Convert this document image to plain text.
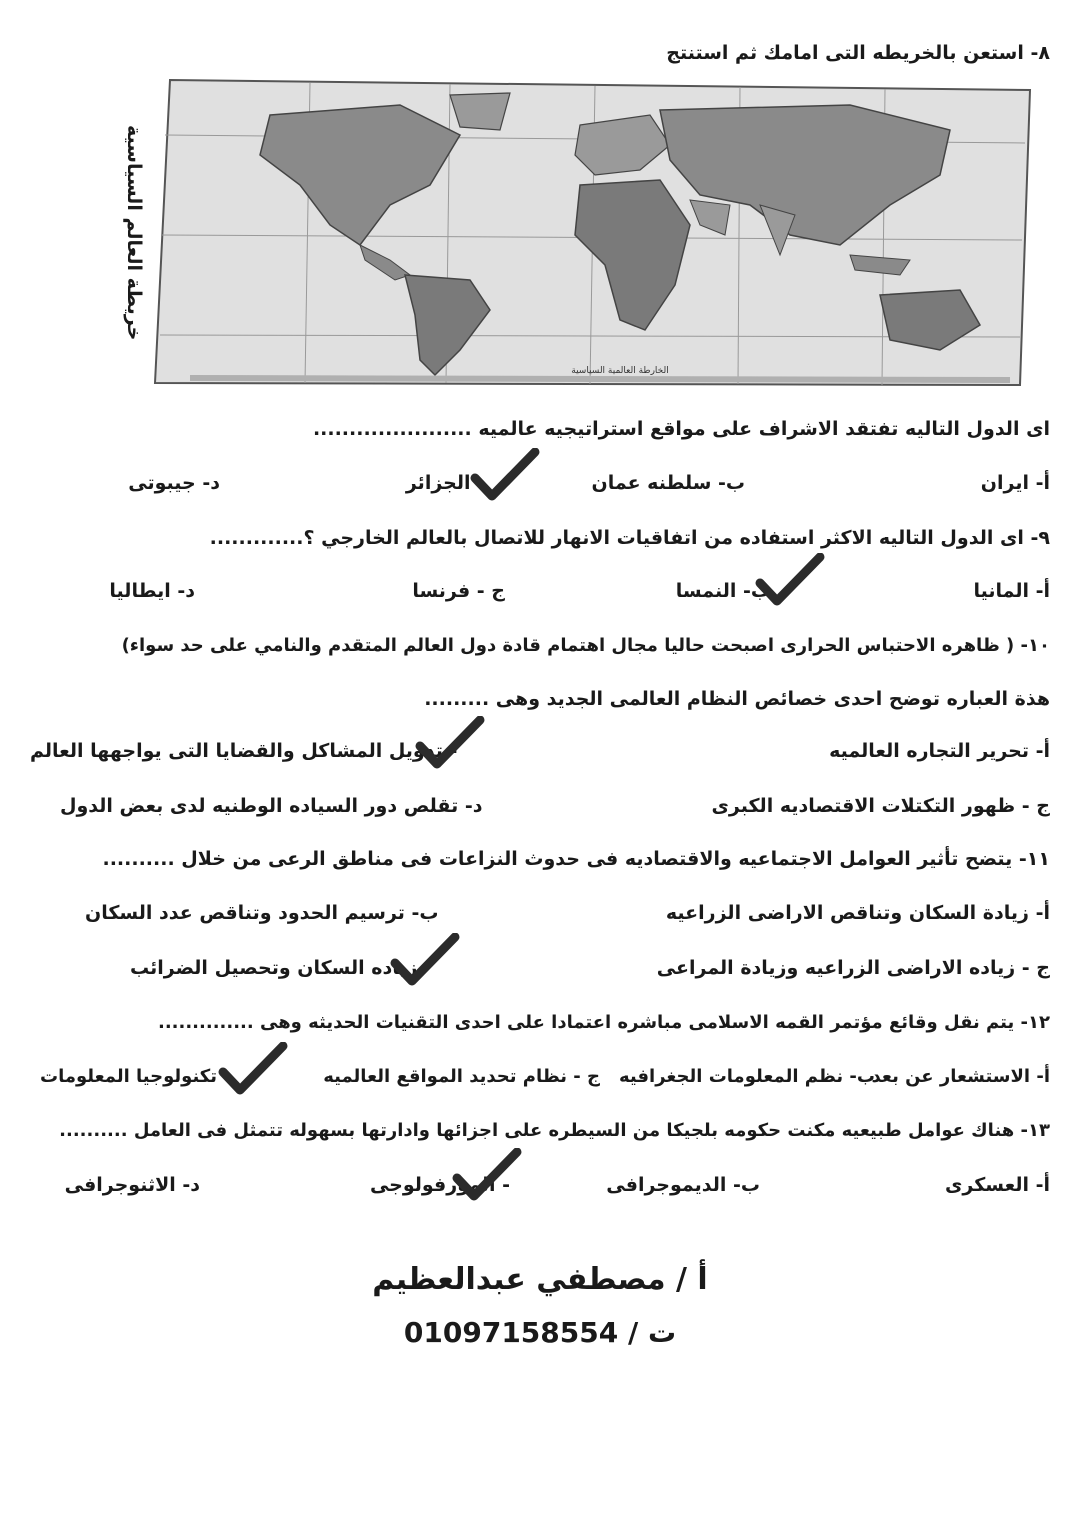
٨- استعن بالخريطه التى امامك ثم استنتج
خريطة العالم السياسية
الخارطة العالمية السياسية
اى الدول التاليه تفتقد الاشراف على مواقع استراتيجيه عالميه ......................
أ- ايران
ب- سلطنه عمان
- الجزائر
د- جيبوتى
٩- اى الدول التاليه الاكثر استفاده من اتفاقيات الانهار للاتصال بالعالم الخارجي ؟.............
أ- المانيا
ب- النمسا
ج - فرنسا
د- ايطاليا
١٠- ( ظاهره الاحتباس الحرارى اصبحت حاليا مجال اهتمام قادة دول العالم المتقدم والنامي على حد سواء)
هذة العباره توضح احدى خصائص النظام العالمى الجديد وهى .........
أ- تحرير التجاره العالميه
- تدويل المشاكل والقضايا التى يواجهها العالم
ج - ظهور التكتلات الاقتصاديه الكبرى
د- تقلص دور السياده الوطنيه لدى بعض الدول
١١- يتضح تأثير العوامل الاجتماعيه والاقتصاديه فى حدوث النزاعات فى مناطق الرعى من خلال ..........
أ- زيادة السكان وتناقص الاراضى الزراعيه
ب- ترسيم الحدود وتناقص عدد السكان
ج - زياده الاراضى الزراعيه وزيادة المراعى
زياده السكان وتحصيل الضرائب
١٢- يتم نقل وقائع مؤتمر القمه الاسلامى مباشره اعتمادا على احدى التقنيات الحديثه وهى ..............
أ- الاستشعار عن بعد
ب- نظم المعلومات الجغرافيه
ج - نظام تحديد المواقع العالميه
- تكنولوجيا المعلومات
١٣- هناك عوامل طبيعيه مكنت حكومه بلجيكا من السيطره على اجزائها وادارتها بسهوله تتمثل فى العامل ..........
أ- العسكرى
ب- الديموجرافى
- المورفولوجى
د- الاثنوجرافى
أ / مصطفي عبدالعظيم
ت / 01097158554
